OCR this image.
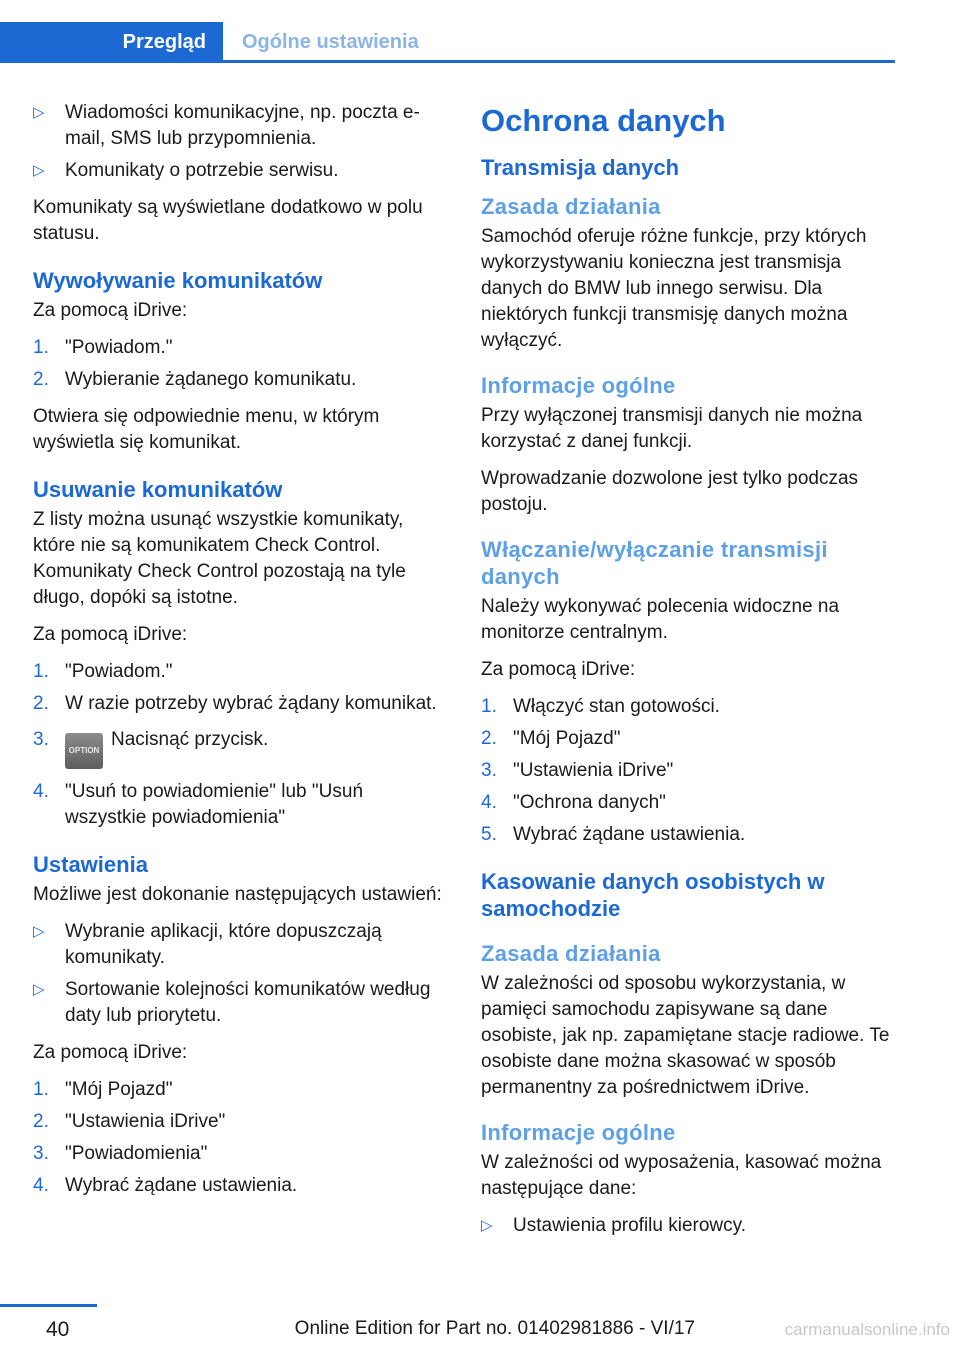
Przegląd	Ogólne ustawienia
▷ Wiadomości komunikacyjne, np. poczta e-mail, SMS lub przypomnienia.
▷ Komunikaty o potrzebie serwisu.

Komunikaty są wyświetlane dodatkowo w polu statusu.

Wywoływanie komunikatów

Za pomocą iDrive:

1. "Powiadom."
2. Wybieranie żądanego komunikatu.

Otwiera się odpowiednie menu, w którym wyświetla się komunikat.

Usuwanie komunikatów

Z listy można usunąć wszystkie komunikaty, które nie są komunikatem Check Control. Komunikaty Check Control pozostają na tyle długo, dopóki są istotne.

Za pomocą iDrive:

1. "Powiadom."
2. W razie potrzeby wybrać żądany komunikat.
3.
OPTIONNacisnąć przycisk.
4. "Usuń to powiadomienie" lub "Usuń wszystkie powiadomienia"
Ustawienia

Możliwe jest dokonanie następujących ustawień:

▷ Wybranie aplikacji, które dopuszczają komunikaty.
▷ Sortowanie kolejności komunikatów według daty lub priorytetu.

Za pomocą iDrive:

1. "Mój Pojazd"
2. "Ustawienia iDrive"
3. "Powiadomienia"
4. Wybrać żądane ustawienia.
Ochrona danych
Transmisja danych
Zasada działania

Samochód oferuje różne funkcje, przy których wykorzystywaniu konieczna jest transmisja danych do BMW lub innego serwisu. Dla niektórych funkcji transmisję danych można wyłączyć.

Informacje ogólne

Przy wyłączonej transmisji danych nie można korzystać z danej funkcji.

Wprowadzanie dozwolone jest tylko podczas postoju.

Włączanie/wyłączanie transmisji danych

Należy wykonywać polecenia widoczne na monitorze centralnym.

Za pomocą iDrive:

1. Włączyć stan gotowości.
2. "Mój Pojazd"
3. "Ustawienia iDrive"
4. "Ochrona danych"
5. Wybrać żądane ustawienia.
Kasowanie danych osobistych w samochodzie
Zasada działania

W zależności od sposobu wykorzystania, w pamięci samochodu zapisywane są dane osobiste, jak np. zapamiętane stacje radiowe. Te osobiste dane można skasować w sposób permanentny za pośrednictwem iDrive.

Informacje ogólne

W zależności od wyposażenia, kasować można następujące dane:

▷ Ustawienia profilu kierowcy.
40	Online Edition for Part no. 01402981886 - VI/17	carmanualsonline.info
